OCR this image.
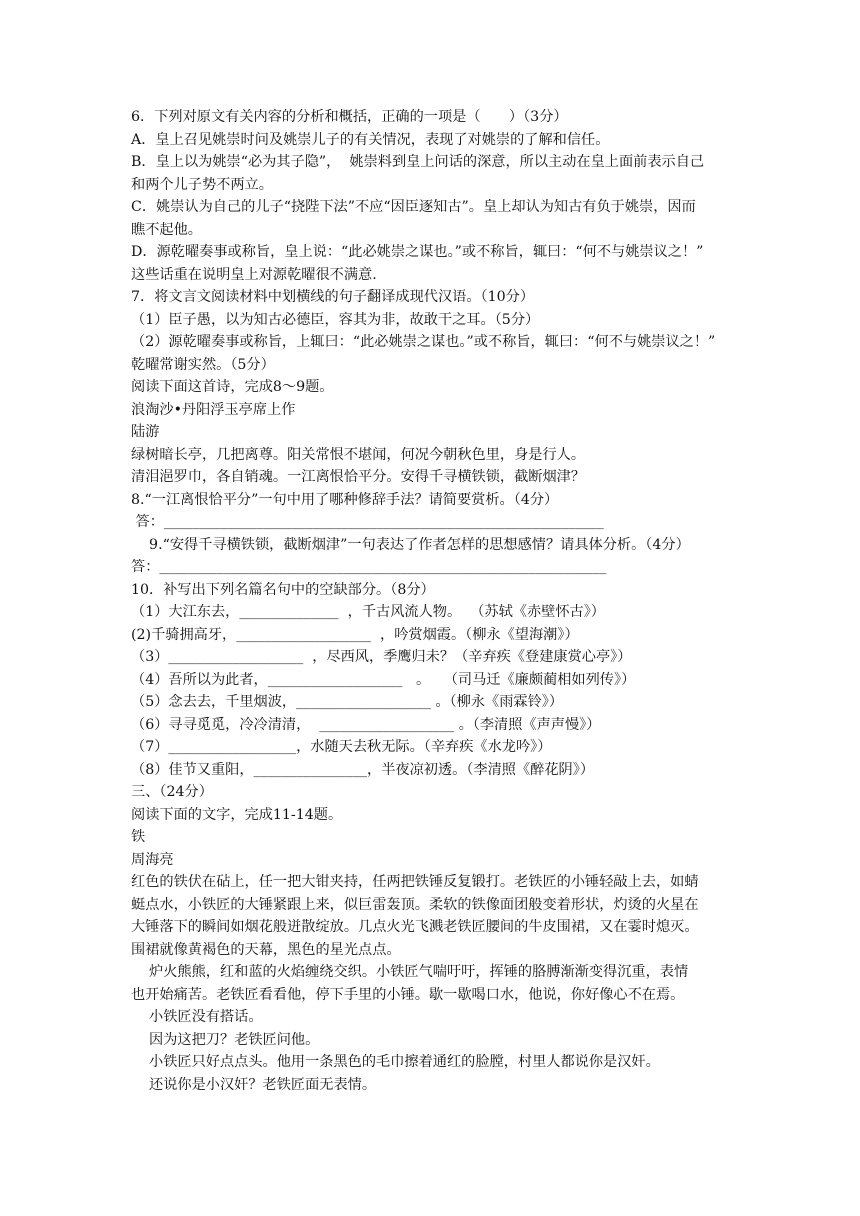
6．下列对原文有关内容的分析和概括，正确的一项是（　　）（3分）
A．皇上召见姚崇时问及姚崇儿子的有关情况，表现了对姚崇的了解和信任。
B．皇上以为姚崇“必为其子隐”，  姚崇料到皇上问话的深意，所以主动在皇上面前表示自己
和两个儿子势不两立。
C．姚崇认为自己的儿子“挠陛下法”不应“因臣逐知古”。皇上却认为知古有负于姚崇，因而
瞧不起他。
D．源乾曜奏事或称旨，皇上说：“此必姚崇之谋也。”或不称旨，辄曰：“何不与姚崇议之！”
这些话重在说明皇上对源乾曜很不满意.
7．将文言文阅读材料中划横线的句子翻译成现代汉语。（10分）
（1）臣子愚，以为知古必德臣，容其为非，故敢干之耳。（5分）
（2）源乾曜奏事或称旨，上辄曰：“此必姚崇之谋也。”或不称旨，辄曰：“何不与姚崇议之！”
乾曜常谢实然。（5分）
阅读下面这首诗，完成8～9题。
浪淘沙•丹阳浮玉亭席上作
陆游
绿树暗长亭，几把离尊。阳关常恨不堪闻，何况今朝秋色里，身是行人。
清泪浥罗巾，各自销魂。一江离恨恰平分。安得千寻横铁锁，截断烟津？
8.“一江离恨恰平分”一句中用了哪种修辞手法？请简要赏析。（4分）
答：______________________________________________________________
9.“安得千寻横铁锁，截断烟津”一句表达了作者怎样的思想感情？请具体分析。（4分）
答：_______________________________________________________________
10．补写出下列名篇名句中的空缺部分。（8分）
（1）大江东去，______________  ，千古风流人物。  （苏轼《赤壁怀古》）
(2)千骑拥高牙，___________________  ，吟赏烟霞。（柳永《望海潮》）
（3）___________________  ，尽西风，季鹰归未？（辛弃疾《登建康赏心亭》）
（4）吾所以为此者，___________________   。   （司马迁《廉颇蔺相如列传》）
（5）念去去，千里烟波，___________________ 。（柳永《雨霖铃》）
（6）寻寻觅觅，冷冷清清，  ___________________ 。（李清照《声声慢》）
（7）__________________，水随天去秋无际。（辛弃疾《水龙吟》）
（8）佳节又重阳，________________，半夜凉初透。（李清照《醉花阴》）
三、（24分）
阅读下面的文字，完成11-14题。
铁
周海亮
红色的铁伏在砧上，任一把大钳夹持，任两把铁锤反复锻打。老铁匠的小锤轻敲上去，如蜻
蜓点水，小铁匠的大锤紧跟上来，似巨雷轰顶。柔软的铁像面团般变着形状，灼烫的火星在
大锤落下的瞬间如烟花般迸散绽放。几点火光飞溅老铁匠腰间的牛皮围裙，又在霎时熄灭。
围裙就像黄褐色的天幕，黑色的星光点点。
炉火熊熊，红和蓝的火焰缠绕交织。小铁匠气喘吁吁，挥锤的胳膊渐渐变得沉重，表情
也开始痛苦。老铁匠看看他，停下手里的小锤。歇一歇喝口水，他说，你好像心不在焉。
小铁匠没有搭话。
因为这把刀？老铁匠问他。
小铁匠只好点点头。他用一条黑色的毛巾擦着通红的脸膛，村里人都说你是汉奸。
还说你是小汉奸？老铁匠面无表情。
